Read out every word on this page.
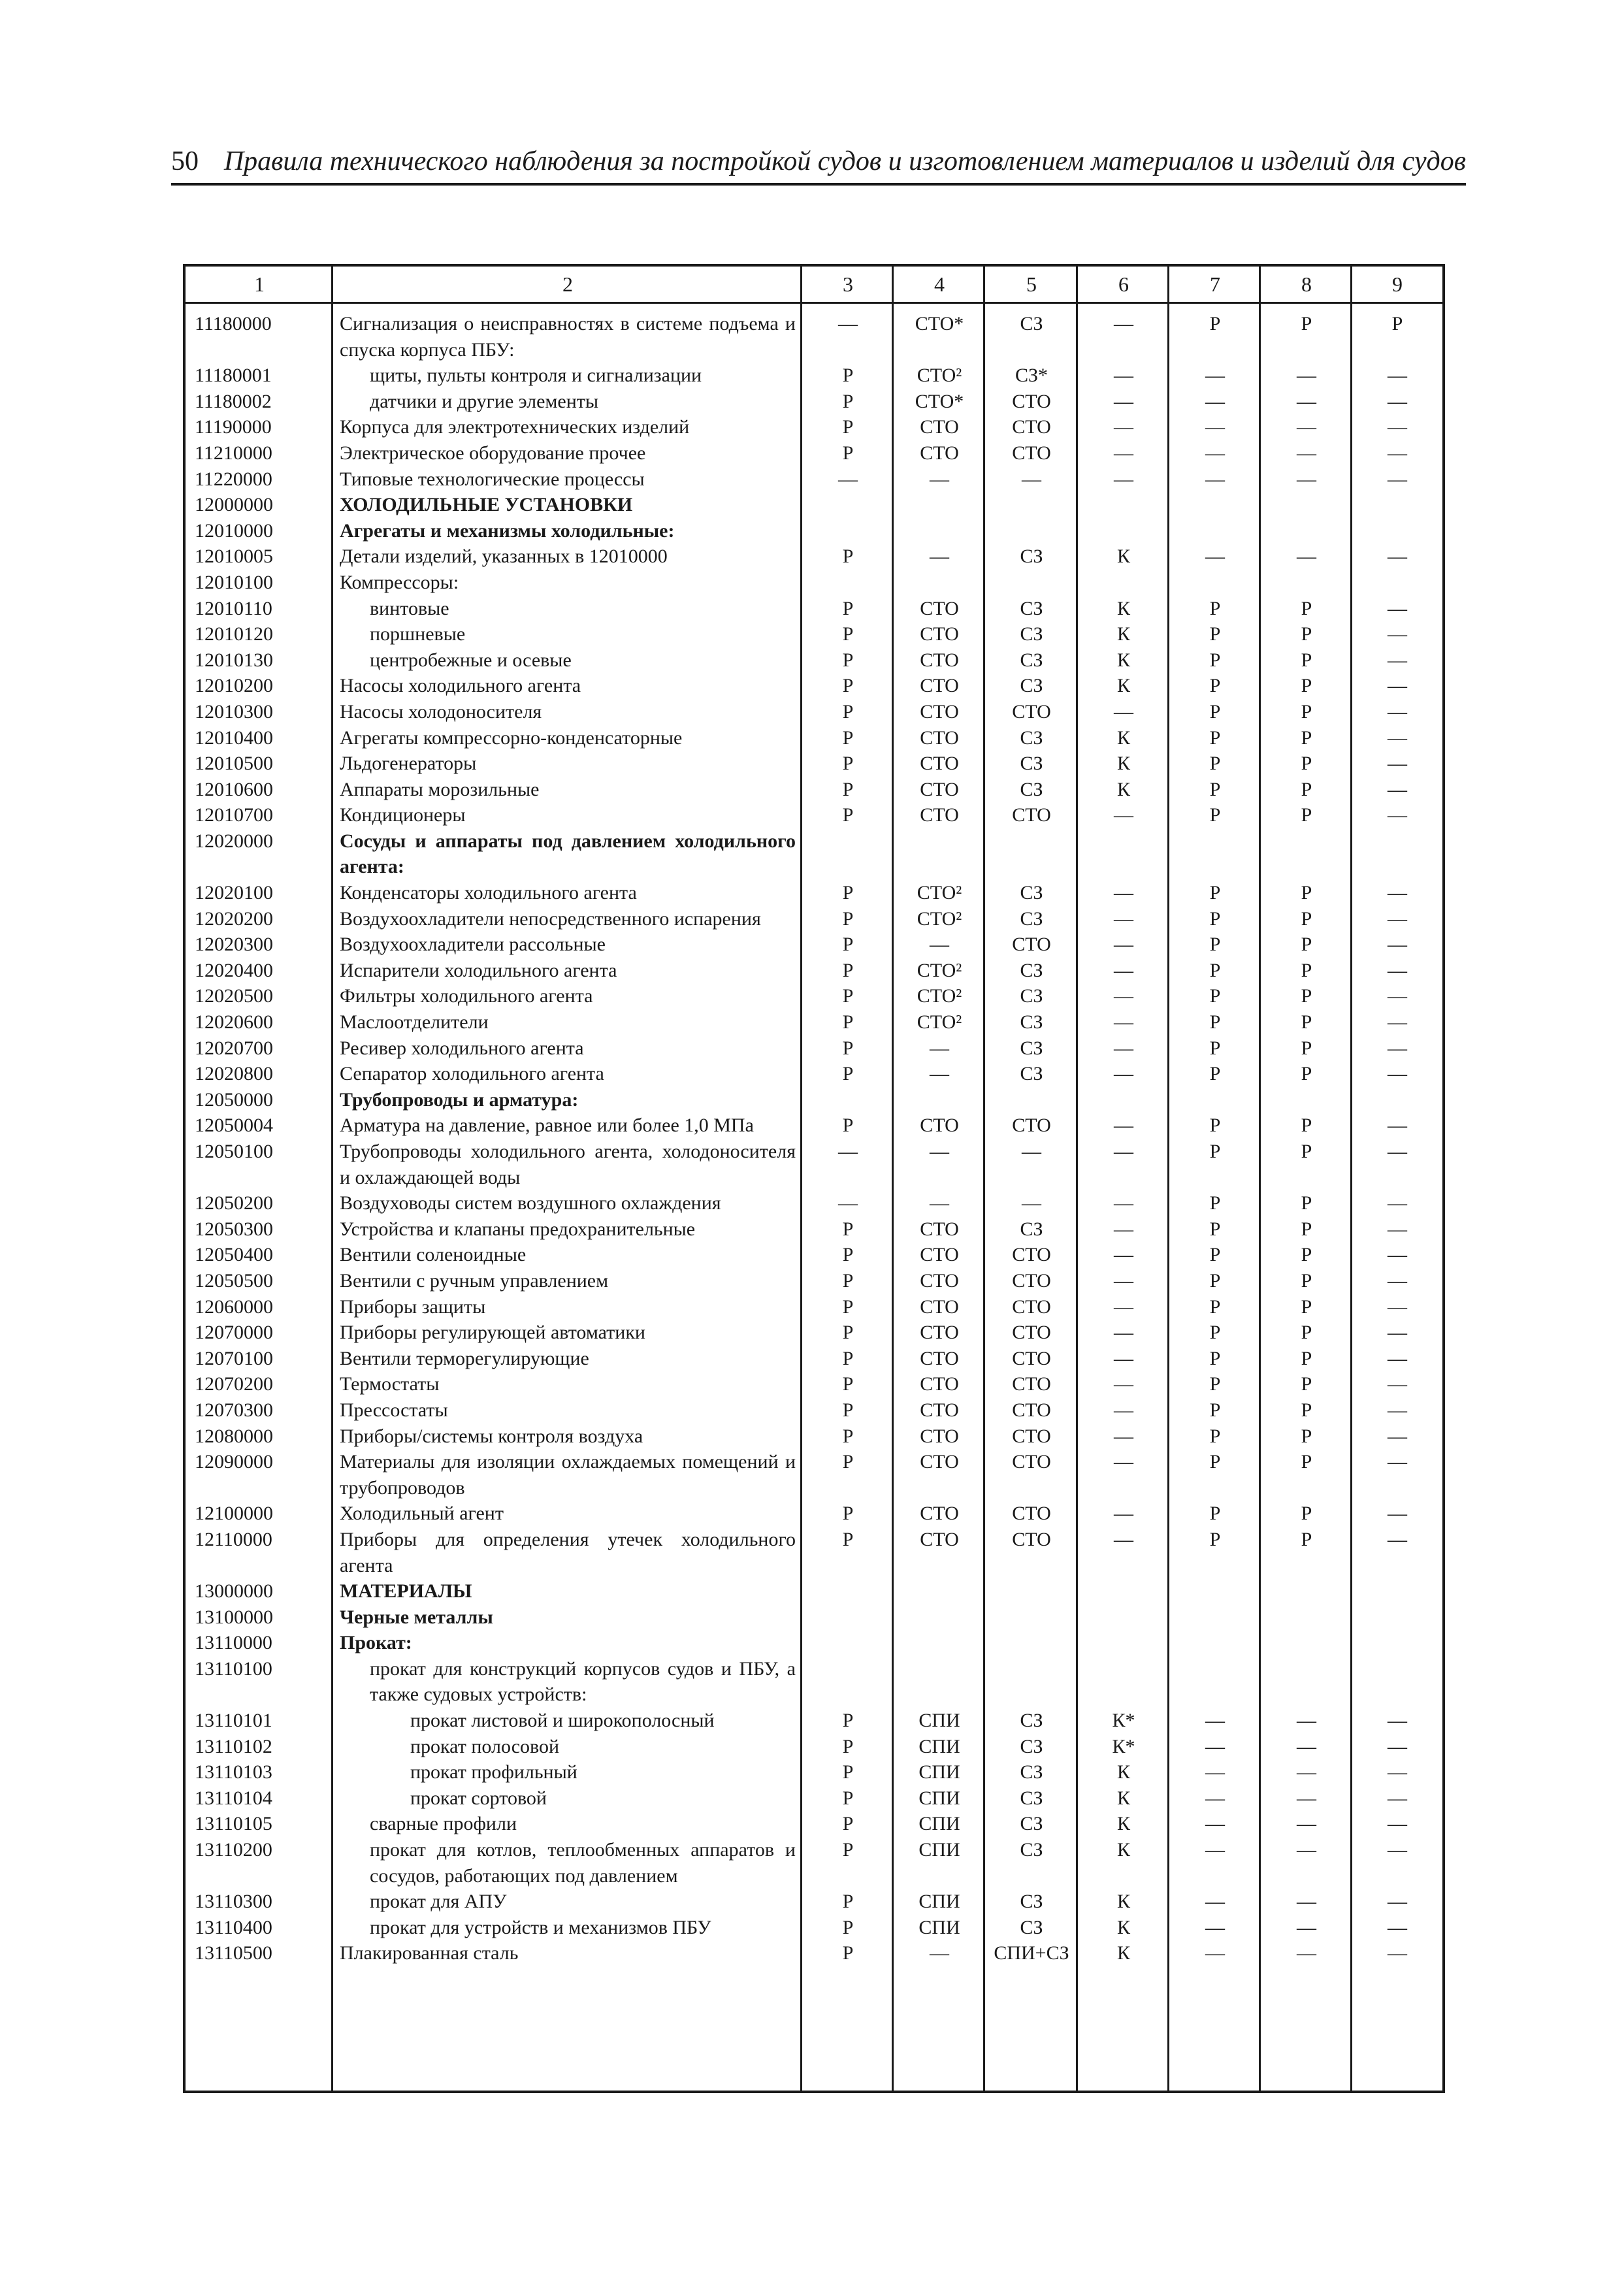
50 Правила технического наблюдения за постройкой судов и изготовлением материалов и изделий для судов
1	2	3	4	5	6	7	8	9
11180000	Сигнализация о неисправностях в системе подъема и спуска корпуса ПБУ:	—	СТО*	СЗ	—	Р	Р	Р
11180001	щиты, пульты контроля и сигнализации	Р	СТО²	СЗ*	—	—	—	—
11180002	датчики и другие элементы	Р	СТО*	СТО	—	—	—	—
11190000	Корпуса для электротехнических изделий	Р	СТО	СТО	—	—	—	—
11210000	Электрическое оборудование прочее	Р	СТО	СТО	—	—	—	—
11220000	Типовые технологические процессы	—	—	—	—	—	—	—
12000000	ХОЛОДИЛЬНЫЕ УСТАНОВКИ							
12010000	Агрегаты и механизмы холодильные:							
12010005	Детали изделий, указанных в 12010000	Р	—	СЗ	К	—	—	—
12010100	Компрессоры:							
12010110	винтовые	Р	СТО	СЗ	К	Р	Р	—
12010120	поршневые	Р	СТО	СЗ	К	Р	Р	—
12010130	центробежные и осевые	Р	СТО	СЗ	К	Р	Р	—
12010200	Насосы холодильного агента	Р	СТО	СЗ	К	Р	Р	—
12010300	Насосы холодоносителя	Р	СТО	СТО	—	Р	Р	—
12010400	Агрегаты компрессорно-конденсаторные	Р	СТО	СЗ	К	Р	Р	—
12010500	Льдогенераторы	Р	СТО	СЗ	К	Р	Р	—
12010600	Аппараты морозильные	Р	СТО	СЗ	К	Р	Р	—
12010700	Кондиционеры	Р	СТО	СТО	—	Р	Р	—
12020000	Сосуды и аппараты под давлением холодильного агента:							
12020100	Конденсаторы холодильного агента	Р	СТО²	СЗ	—	Р	Р	—
12020200	Воздухоохладители непосредственного испарения	Р	СТО²	СЗ	—	Р	Р	—
12020300	Воздухоохладители рассольные	Р	—	СТО	—	Р	Р	—
12020400	Испарители холодильного агента	Р	СТО²	СЗ	—	Р	Р	—
12020500	Фильтры холодильного агента	Р	СТО²	СЗ	—	Р	Р	—
12020600	Маслоотделители	Р	СТО²	СЗ	—	Р	Р	—
12020700	Ресивер холодильного агента	Р	—	СЗ	—	Р	Р	—
12020800	Сепаратор холодильного агента	Р	—	СЗ	—	Р	Р	—
12050000	Трубопроводы и арматура:							
12050004	Арматура на давление, равное или более 1,0 МПа	Р	СТО	СТО	—	Р	Р	—
12050100	Трубопроводы холодильного агента, холодоносителя и охлаждающей воды	—	—	—	—	Р	Р	—
12050200	Воздуховоды систем воздушного охлаждения	—	—	—	—	Р	Р	—
12050300	Устройства и клапаны предохранительные	Р	СТО	СЗ	—	Р	Р	—
12050400	Вентили соленоидные	Р	СТО	СТО	—	Р	Р	—
12050500	Вентили с ручным управлением	Р	СТО	СТО	—	Р	Р	—
12060000	Приборы защиты	Р	СТО	СТО	—	Р	Р	—
12070000	Приборы регулирующей автоматики	Р	СТО	СТО	—	Р	Р	—
12070100	Вентили терморегулирующие	Р	СТО	СТО	—	Р	Р	—
12070200	Термостаты	Р	СТО	СТО	—	Р	Р	—
12070300	Прессостаты	Р	СТО	СТО	—	Р	Р	—
12080000	Приборы/системы контроля воздуха	Р	СТО	СТО	—	Р	Р	—
12090000	Материалы для изоляции охлаждаемых помещений и трубопроводов	Р	СТО	СТО	—	Р	Р	—
12100000	Холодильный агент	Р	СТО	СТО	—	Р	Р	—
12110000	Приборы для определения утечек холодильного агента	Р	СТО	СТО	—	Р	Р	—
13000000	МАТЕРИАЛЫ							
13100000	Черные металлы							
13110000	Прокат:							
13110100	прокат для конструкций корпусов судов и ПБУ, а также судовых устройств:							
13110101	прокат листовой и широкополосный	Р	СПИ	СЗ	К*	—	—	—
13110102	прокат полосовой	Р	СПИ	СЗ	К*	—	—	—
13110103	прокат профильный	Р	СПИ	СЗ	К	—	—	—
13110104	прокат сортовой	Р	СПИ	СЗ	К	—	—	—
13110105	сварные профили	Р	СПИ	СЗ	К	—	—	—
13110200	прокат для котлов, теплообменных аппаратов и сосудов, работающих под давлением	Р	СПИ	СЗ	К	—	—	—
13110300	прокат для АПУ	Р	СПИ	СЗ	К	—	—	—
13110400	прокат для устройств и механизмов ПБУ	Р	СПИ	СЗ	К	—	—	—
13110500	Плакированная сталь	Р	—	СПИ+СЗ	К	—	—	—
